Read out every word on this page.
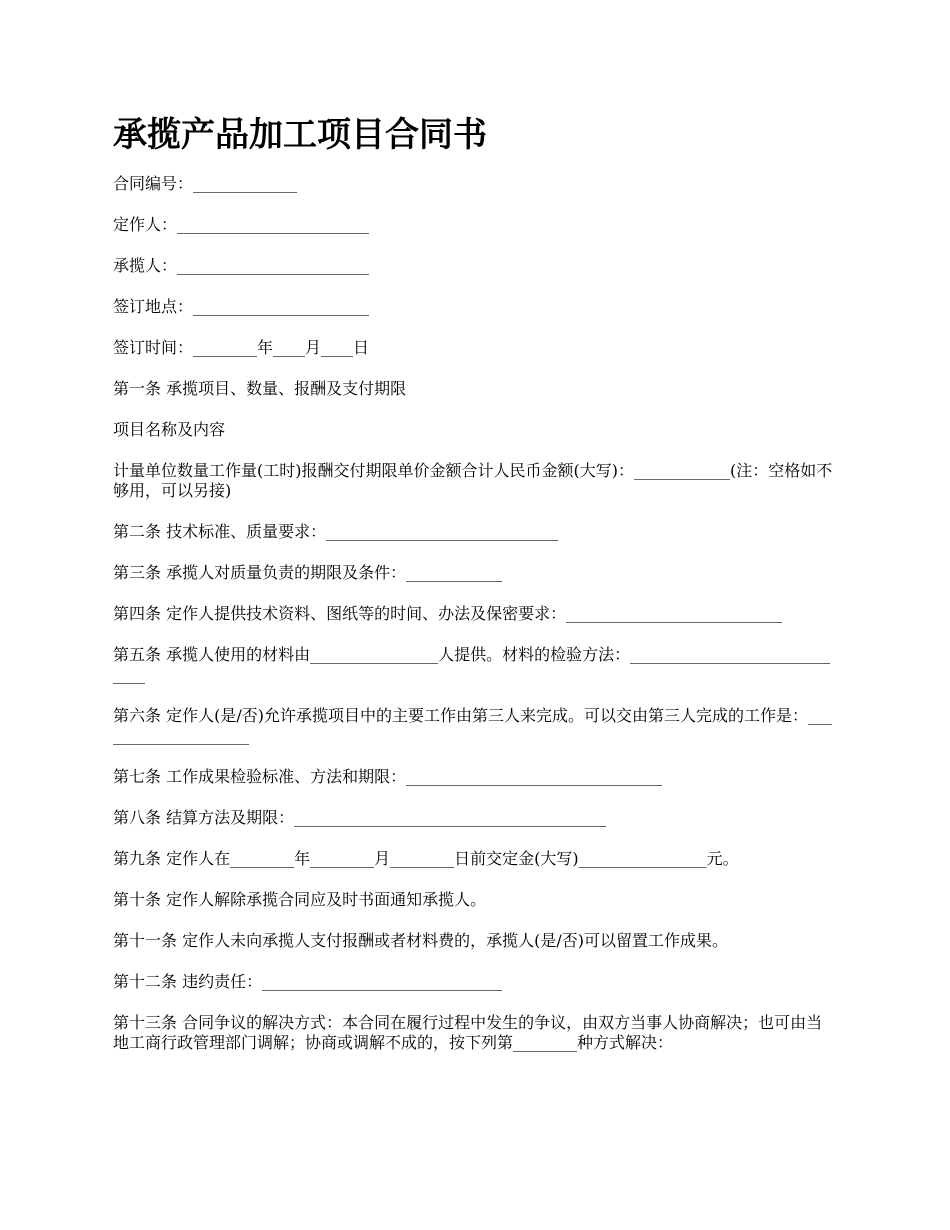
承揽产品加工项目合同书

合同编号：_____________

定作人：________________________

承揽人：________________________

签订地点：______________________

签订时间：________年____月____日

第一条 承揽项目、数量、报酬及支付期限

项目名称及内容

计量单位数量工作量(工时)报酬交付期限单价金额合计人民币金额(大写)：____________(注：空格如不够用，可以另接)

第二条 技术标准、质量要求：_____________________________

第三条 承揽人对质量负责的期限及条件：____________

第四条 定作人提供技术资料、图纸等的时间、办法及保密要求：___________________________

第五条 承揽人使用的材料由________________人提供。材料的检验方法：_____________________________

第六条 定作人(是/否)允许承揽项目中的主要工作由第三人来完成。可以交由第三人完成的工作是：____________________

第七条 工作成果检验标准、方法和期限：________________________________

第八条 结算方法及期限：_______________________________________

第九条 定作人在________年________月________日前交定金(大写)________________元。

第十条 定作人解除承揽合同应及时书面通知承揽人。

第十一条 定作人未向承揽人支付报酬或者材料费的，承揽人(是/否)可以留置工作成果。

第十二条 违约责任：______________________________

第十三条 合同争议的解决方式：本合同在履行过程中发生的争议，由双方当事人协商解决；也可由当地工商行政管理部门调解；协商或调解不成的，按下列第________种方式解决：
